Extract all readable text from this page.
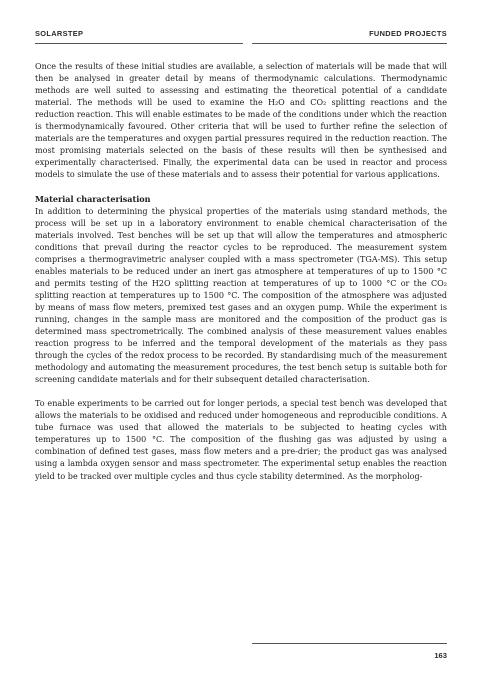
SOLARSTEP	FUNDED PROJECTS

Once the results of these initial studies are available, a selection of materials will be made that will then be analysed in greater detail by means of thermodynamic calculations. Thermodynamic methods are well suited to assessing and estimating the theoretical potential of a candidate material. The methods will be used to examine the H₂O and CO₂ splitting reactions and the reduction reaction. This will enable estimates to be made of the conditions under which the reaction is thermodynamically favoured. Other criteria that will be used to further refine the selection of materials are the temperatures and oxygen partial pressures required in the reduction reaction. The most promising materials selected on the basis of these results will then be synthesised and experimentally characterised. Finally, the experimental data can be used in reactor and process models to simulate the use of these materials and to assess their potential for various applications.

Material characterisation

In addition to determining the physical properties of the materials using standard methods, the process will be set up in a laboratory environment to enable chemical characterisation of the materials involved. Test benches will be set up that will allow the temperatures and atmospheric conditions that prevail during the reactor cycles to be reproduced. The measurement system comprises a thermogravimetric analyser coupled with a mass spectrometer (TGA-MS). This setup enables materials to be reduced under an inert gas atmosphere at temperatures of up to 1500 °C and permits testing of the H2O splitting reaction at temperatures of up to 1000 °C or the CO₂ splitting reaction at temperatures up to 1500 °C. The composition of the atmosphere was adjusted by means of mass flow meters, premixed test gases and an oxygen pump. While the experiment is running, changes in the sample mass are monitored and the composition of the product gas is determined mass spectrometrically. The combined analysis of these measurement values enables reaction progress to be inferred and the temporal development of the materials as they pass through the cycles of the redox process to be recorded. By standardising much of the measurement methodology and automating the measurement procedures, the test bench setup is suitable both for screening candidate materials and for their subsequent detailed characterisation.

To enable experiments to be carried out for longer periods, a special test bench was developed that allows the materials to be oxidised and reduced under homogeneous and reproducible conditions. A tube furnace was used that allowed the materials to be subjected to heating cycles with temperatures up to 1500 °C. The composition of the flushing gas was adjusted by using a combination of defined test gases, mass flow meters and a pre-drier; the product gas was analysed using a lambda oxygen sensor and mass spectrometer. The experimental setup enables the reaction yield to be tracked over multiple cycles and thus cycle stability determined. As the morpholog-

163
